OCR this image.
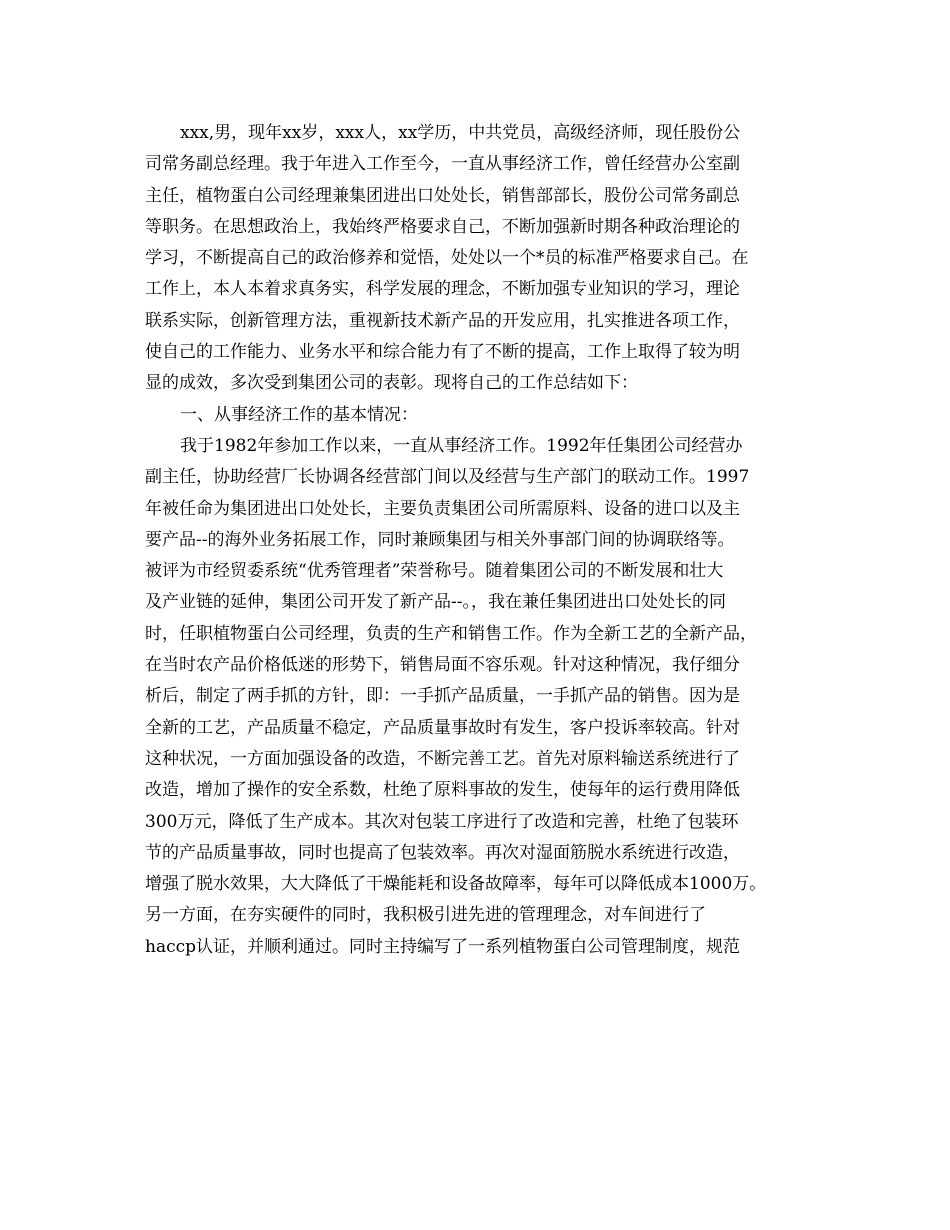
xxx,男，现年xx岁，xxx人，xx学历，中共党员，高级经济师，现任股份公
司常务副总经理。我于年进入工作至今，一直从事经济工作，曾任经营办公室副
主任，植物蛋白公司经理兼集团进出口处处长，销售部部长，股份公司常务副总
等职务。在思想政治上，我始终严格要求自己，不断加强新时期各种政治理论的
学习，不断提高自己的政治修养和觉悟，处处以一个*员的标准严格要求自己。在
工作上，本人本着求真务实，科学发展的理念，不断加强专业知识的学习，理论
联系实际，创新管理方法，重视新技术新产品的开发应用，扎实推进各项工作，
使自己的工作能力、业务水平和综合能力有了不断的提高，工作上取得了较为明
显的成效，多次受到集团公司的表彰。现将自己的工作总结如下：
一、从事经济工作的基本情况：
我于1982年参加工作以来，一直从事经济工作。1992年任集团公司经营办
副主任，协助经营厂长协调各经营部门间以及经营与生产部门的联动工作。1997
年被任命为集团进出口处处长，主要负责集团公司所需原料、设备的进口以及主
要产品--的海外业务拓展工作，同时兼顾集团与相关外事部门间的协调联络等。
被评为市经贸委系统“优秀管理者”荣誉称号。随着集团公司的不断发展和壮大
及产业链的延伸，集团公司开发了新产品--。，我在兼任集团进出口处处长的同
时，任职植物蛋白公司经理，负责的生产和销售工作。作为全新工艺的全新产品，
在当时农产品价格低迷的形势下，销售局面不容乐观。针对这种情况，我仔细分
析后，制定了两手抓的方针，即：一手抓产品质量，一手抓产品的销售。因为是
全新的工艺，产品质量不稳定，产品质量事故时有发生，客户投诉率较高。针对
这种状况，一方面加强设备的改造，不断完善工艺。首先对原料输送系统进行了
改造，增加了操作的安全系数，杜绝了原料事故的发生，使每年的运行费用降低
300万元，降低了生产成本。其次对包装工序进行了改造和完善，杜绝了包装环
节的产品质量事故，同时也提高了包装效率。再次对湿面筋脱水系统进行改造，
增强了脱水效果，大大降低了干燥能耗和设备故障率，每年可以降低成本1000万。
另一方面，在夯实硬件的同时，我积极引进先进的管理理念，对车间进行了
haccp认证，并顺利通过。同时主持编写了一系列植物蛋白公司管理制度，规范
